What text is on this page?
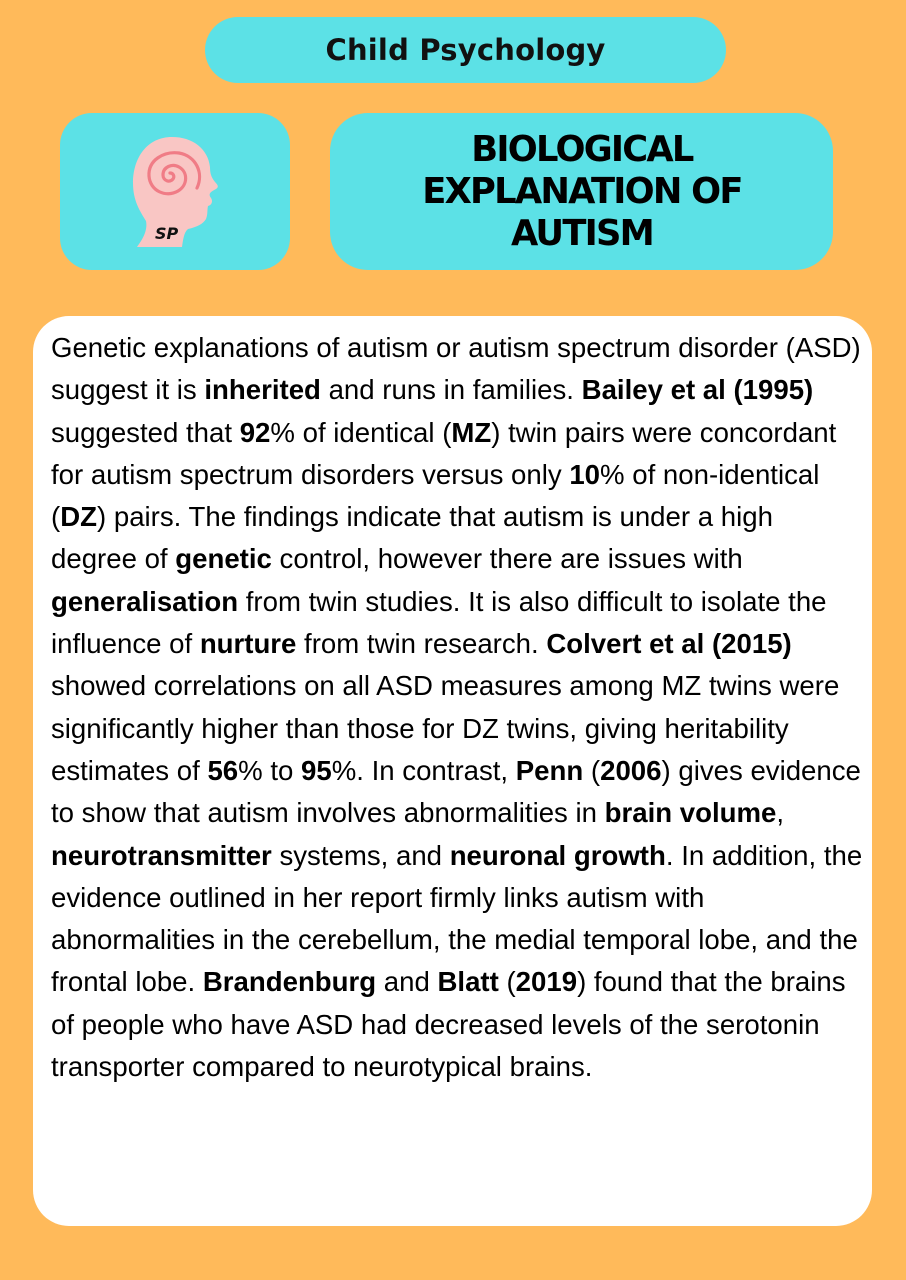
Child Psychology
SP
BIOLOGICAL
EXPLANATION OF
AUTISM

Genetic explanations of autism or autism spectrum disorder (ASD) suggest it is inherited and runs in families. Bailey et al (1995) suggested that 92% of identical (MZ) twin pairs were concordant for autism spectrum disorders versus only 10% of non-identical (DZ) pairs. The findings indicate that autism is under a high degree of genetic control, however there are issues with generalisation from twin studies. It is also difficult to isolate the influence of nurture from twin research. Colvert et al (2015) showed correlations on all ASD measures among MZ twins were significantly higher than those for DZ twins, giving heritability estimates of 56% to 95%. In contrast, Penn (2006) gives evidence to show that autism involves abnormalities in brain volume, neurotransmitter systems, and neuronal growth. In addition, the evidence outlined in her report firmly links autism with abnormalities in the cerebellum, the medial temporal lobe, and the frontal lobe. Brandenburg and Blatt (2019) found that the brains of people who have ASD had decreased levels of the serotonin transporter compared to neurotypical brains.
